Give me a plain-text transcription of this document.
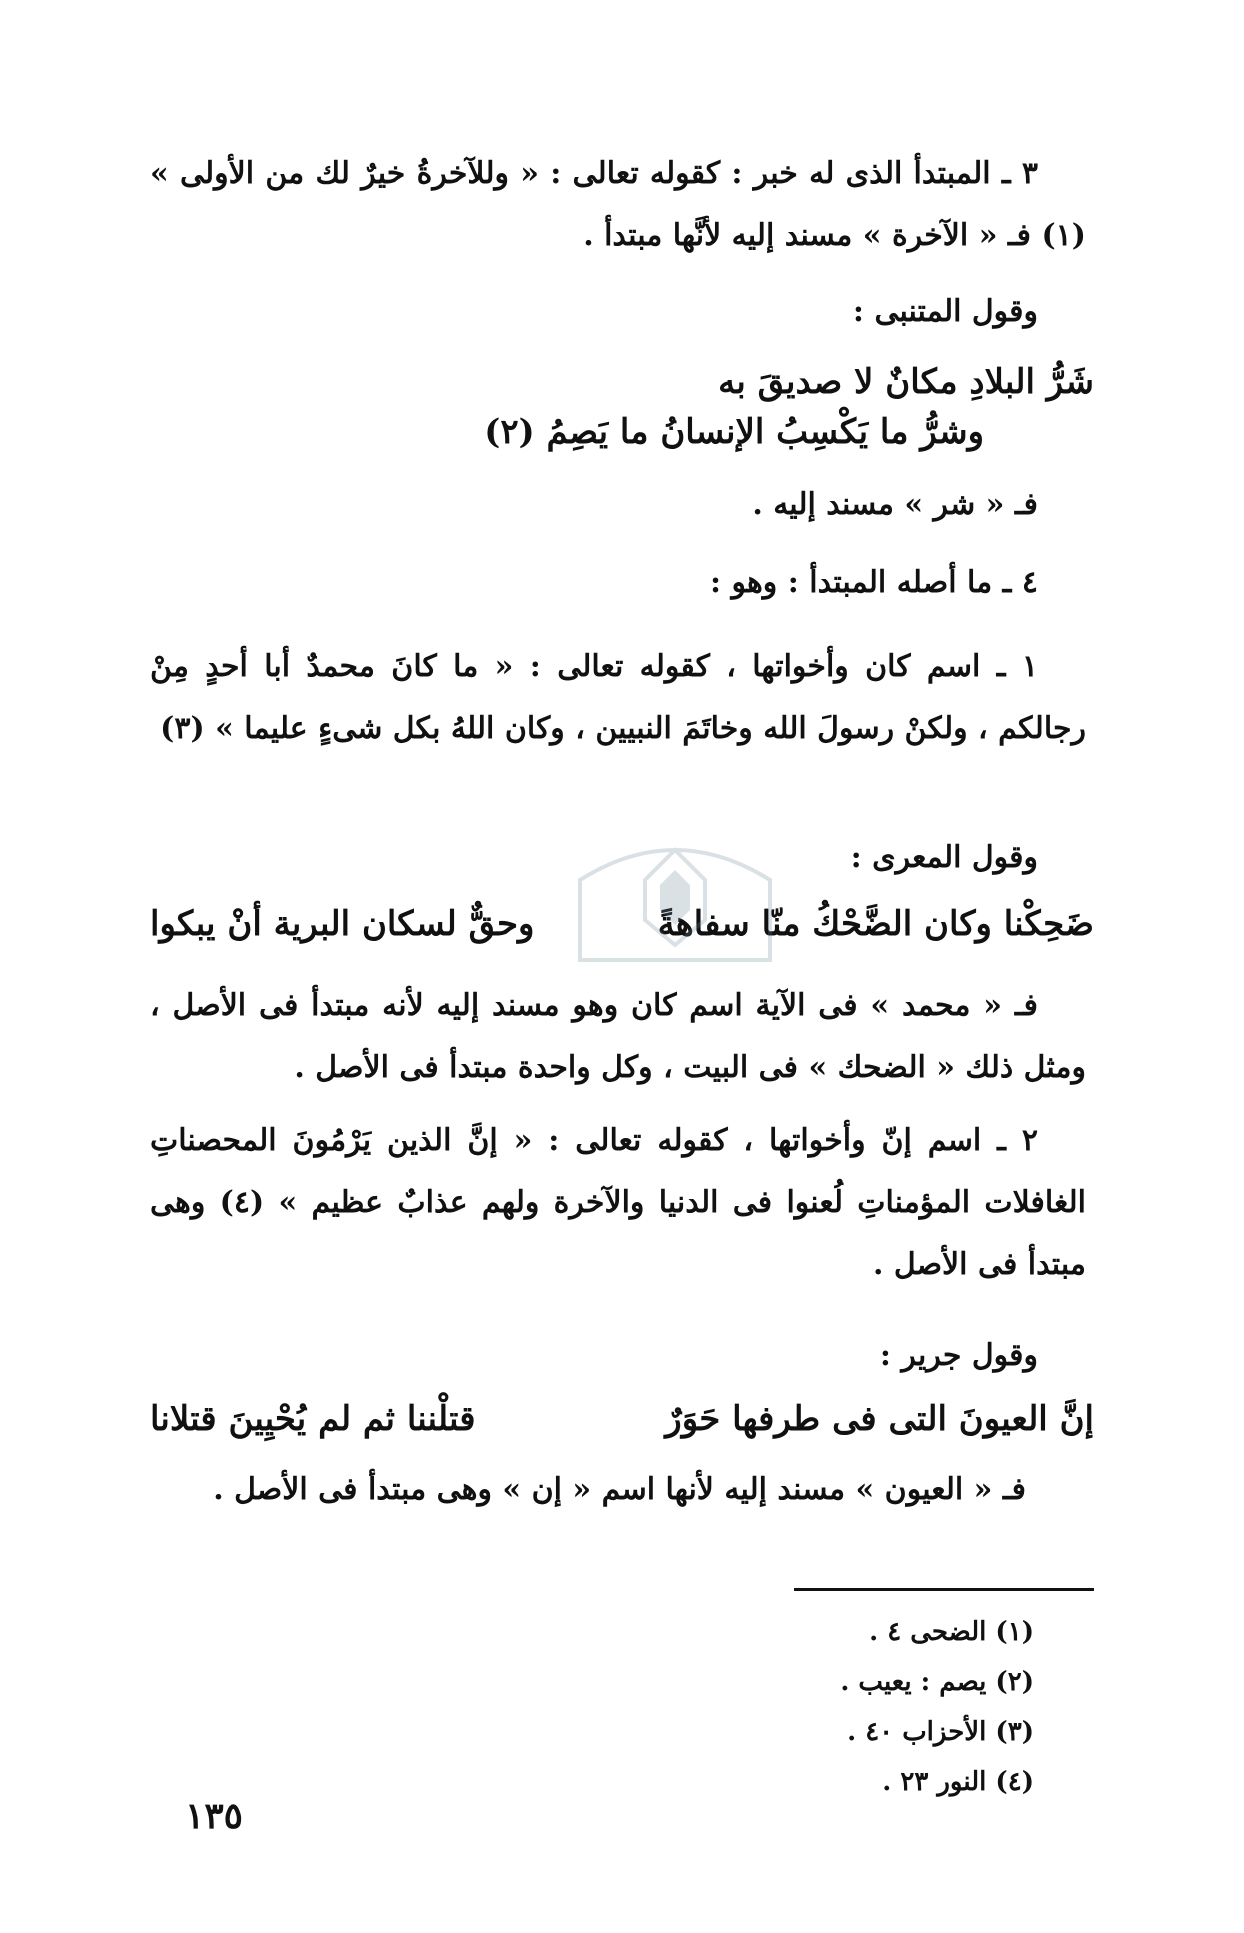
٣ ـ المبتدأ الذى له خبر : كقوله تعالى : « وللآخرةُ خيرٌ لك من الأولى » (١) فـ « الآخرة » مسند إليه لأنَّها مبتدأ .

وقول المتنبى :
شَرُّ البلادِ مكانٌ لا صديقَ به
وشرُّ ما يَكْسِبُ الإنسانُ ما يَصِمُ (٢)
فـ « شر » مسند إليه .
٤ ـ ما أصله المبتدأ : وهو :

١ ـ اسم كان وأخواتها ، كقوله تعالى : « ما كانَ محمدٌ أبا أحدٍ مِنْ رجالكم ، ولكنْ رسولَ الله وخاتَمَ النبيين ، وكان اللهُ بكل شىءٍ عليما » (٣)

وقول المعرى :
ضَحِكْنا وكان الضَّحْكُ منّا سفاهةً
وحقٌّ لسكان البرية أنْ يبكوا

فـ « محمد » فى الآية اسم كان وهو مسند إليه لأنه مبتدأ فى الأصل ، ومثل ذلك « الضحك » فى البيت ، وكل واحدة مبتدأ فى الأصل .

٢ ـ اسم إنّ وأخواتها ، كقوله تعالى : « إنَّ الذين يَرْمُونَ المحصناتِ الغافلات المؤمناتِ لُعنوا فى الدنيا والآخرة ولهم عذابٌ عظيم » (٤) وهى مبتدأ فى الأصل .

وقول جرير :
إنَّ العيونَ التى فى طرفها حَوَرٌ
قتلْننا ثم لم يُحْيِينَ قتلانا
فـ « العيون » مسند إليه لأنها اسم « إن » وهى مبتدأ فى الأصل .
(١) الضحى ٤ .
(٢) يصم : يعيب .
(٣) الأحزاب ٤٠ .
(٤) النور ٢٣ .
١٣٥
